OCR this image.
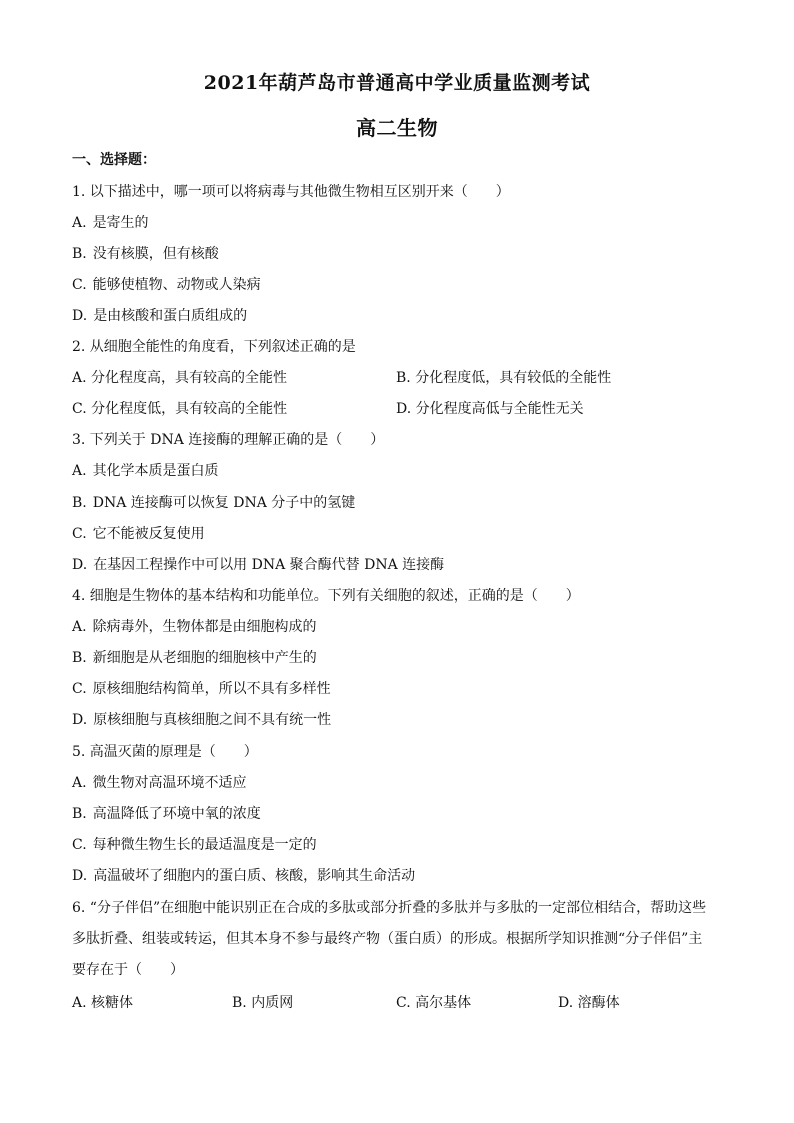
2021年葫芦岛市普通高中学业质量监测考试
高二生物
一、选择题：
1. 以下描述中，哪一项可以将病毒与其他微生物相互区别开来（　　）
A. 是寄生的
B. 没有核膜，但有核酸
C. 能够使植物、动物或人染病
D. 是由核酸和蛋白质组成的
2. 从细胞全能性的角度看，下列叙述正确的是
A. 分化程度高，具有较高的全能性	B. 分化程度低，具有较低的全能性
C. 分化程度低，具有较高的全能性	D. 分化程度高低与全能性无关
3. 下列关于 DNA 连接酶的理解正确的是（　　）
A. 其化学本质是蛋白质
B. DNA 连接酶可以恢复 DNA 分子中的氢键
C. 它不能被反复使用
D. 在基因工程操作中可以用 DNA 聚合酶代替 DNA 连接酶
4. 细胞是生物体的基本结构和功能单位。下列有关细胞的叙述，正确的是（　　）
A. 除病毒外，生物体都是由细胞构成的
B. 新细胞是从老细胞的细胞核中产生的
C. 原核细胞结构简单，所以不具有多样性
D. 原核细胞与真核细胞之间不具有统一性
5. 高温灭菌的原理是（　　）
A. 微生物对高温环境不适应
B. 高温降低了环境中氧的浓度
C. 每种微生物生长的最适温度是一定的
D. 高温破坏了细胞内的蛋白质、核酸，影响其生命活动
6. “分子伴侣”在细胞中能识别正在合成的多肽或部分折叠的多肽并与多肽的一定部位相结合，帮助这些
多肽折叠、组装或转运，但其本身不参与最终产物（蛋白质）的形成。根据所学知识推测“分子伴侣”主
要存在于（　　）
A. 核糖体	B. 内质网	C. 高尔基体	D. 溶酶体
